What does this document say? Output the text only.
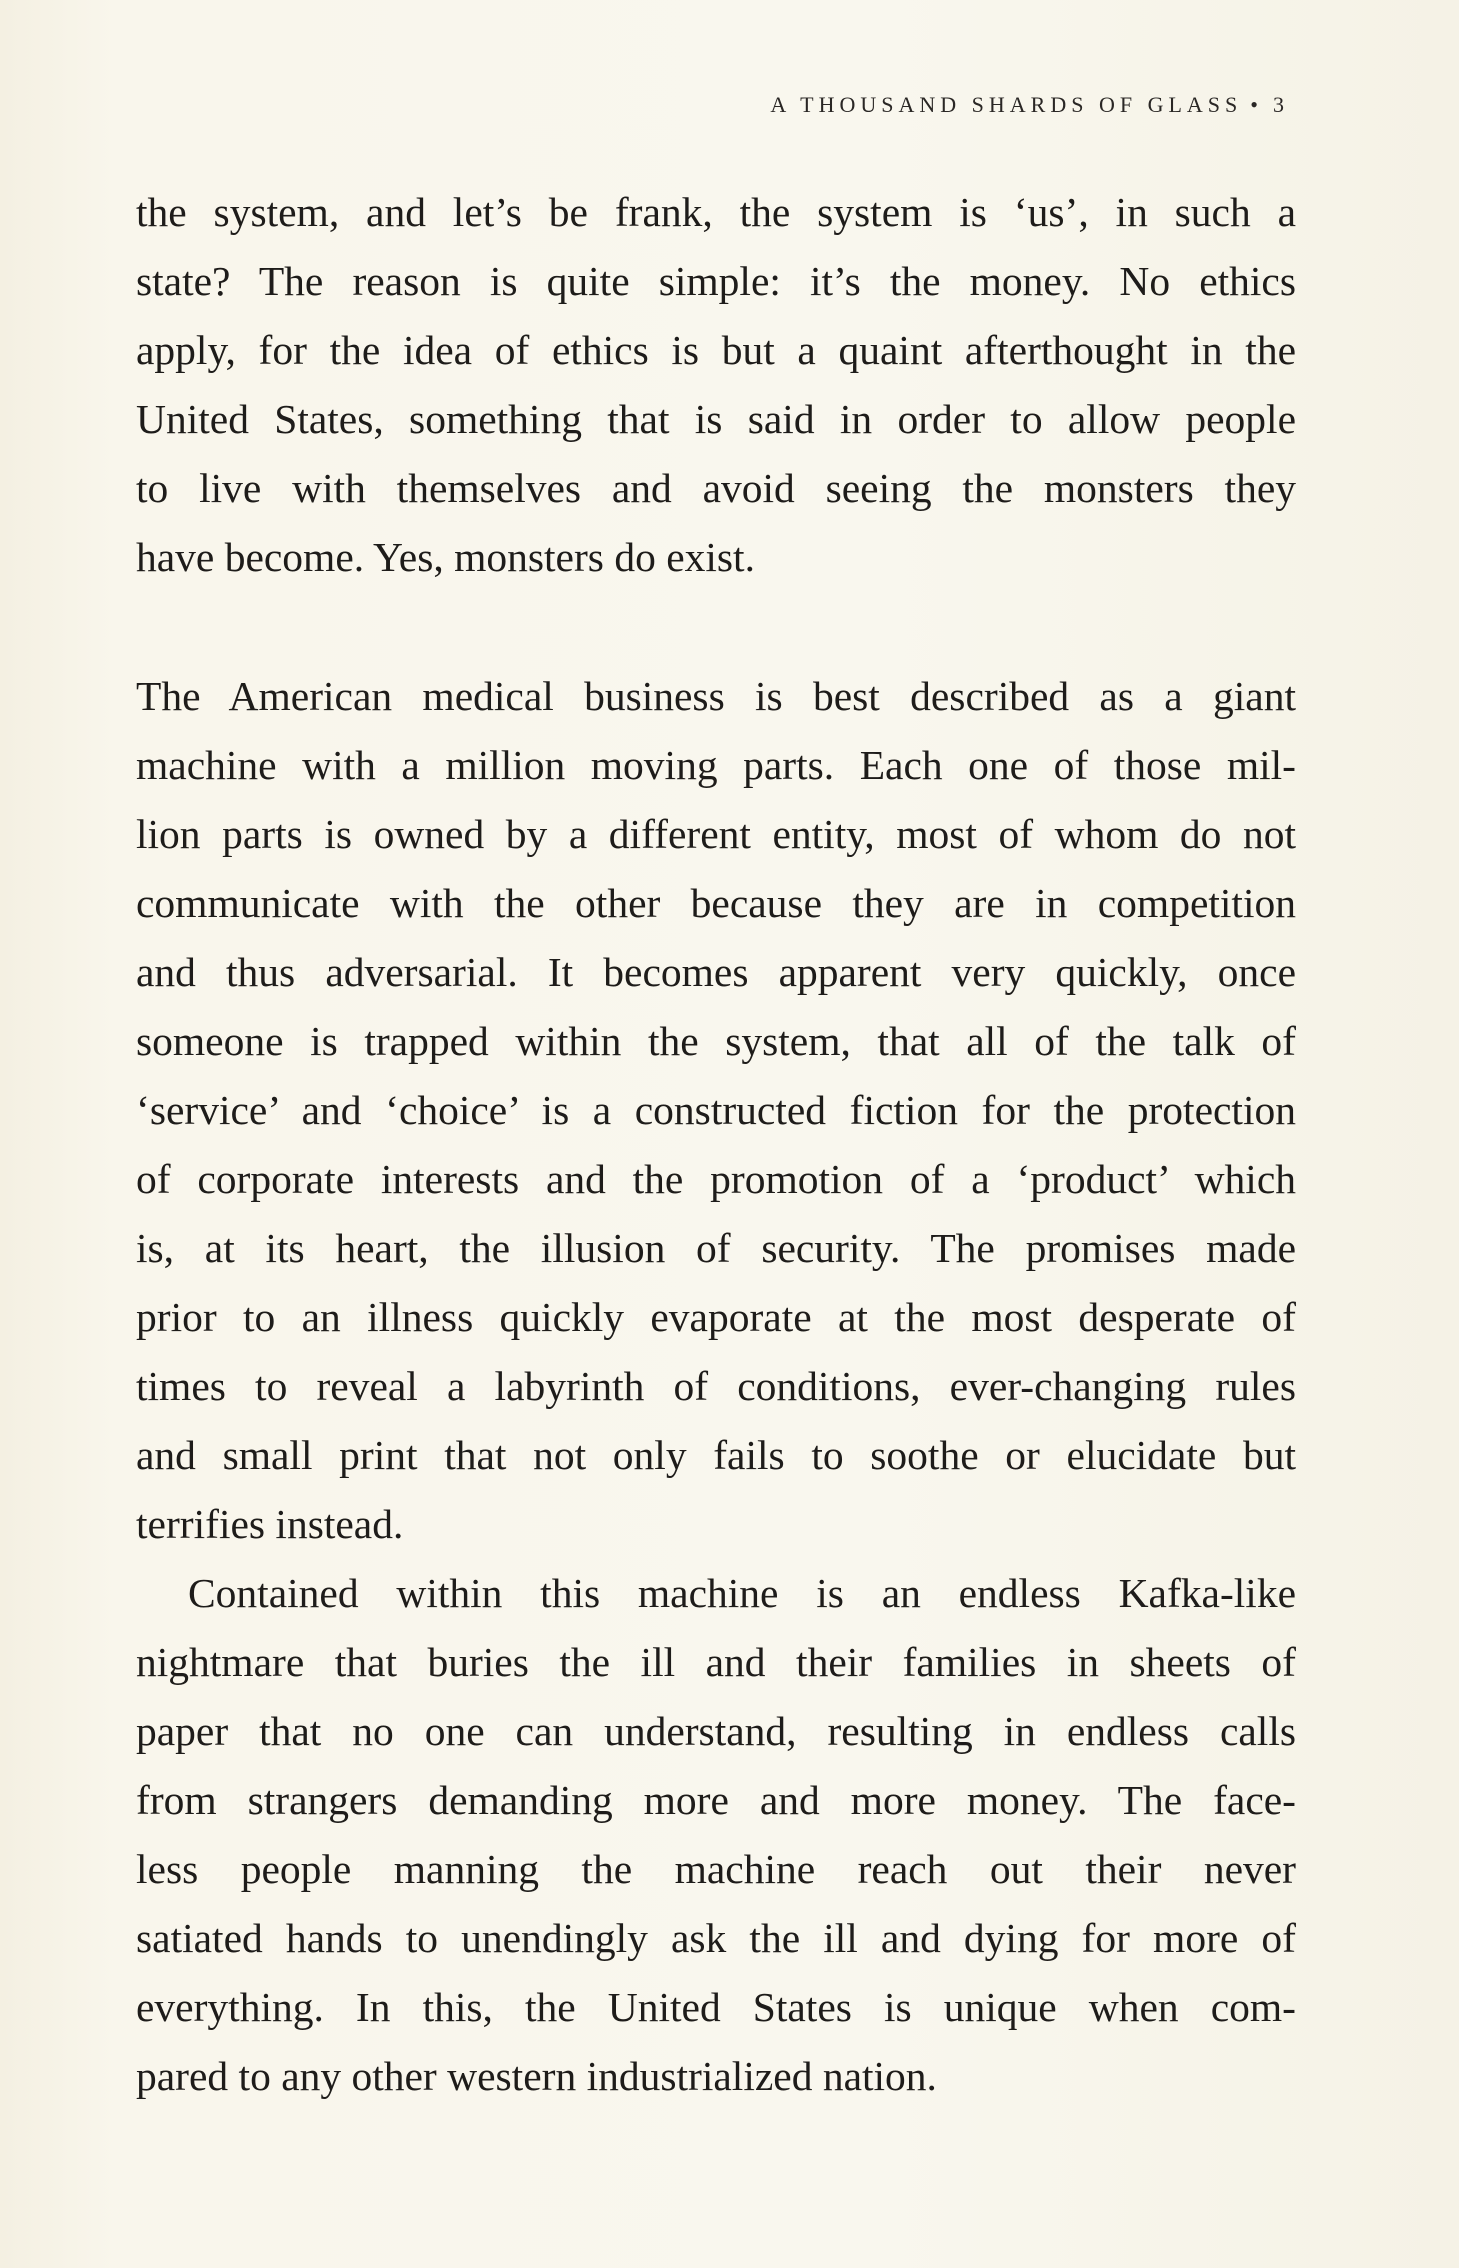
A THOUSAND SHARDS OF GLASS • 3

the system, and let’s be frank, the system is ‘us’, in such a
state? The reason is quite simple: it’s the money. No ethics
apply, for the idea of ethics is but a quaint afterthought in the
United States, something that is said in order to allow people
to live with themselves and avoid seeing the monsters they
have become. Yes, monsters do exist.

The American medical business is best described as a giant
machine with a million moving parts. Each one of those mil-
lion parts is owned by a different entity, most of whom do not
communicate with the other because they are in competition
and thus adversarial. It becomes apparent very quickly, once
someone is trapped within the system, that all of the talk of
‘service’ and ‘choice’ is a constructed fiction for the protection
of corporate interests and the promotion of a ‘product’ which
is, at its heart, the illusion of security. The promises made
prior to an illness quickly evaporate at the most desperate of
times to reveal a labyrinth of conditions, ever-changing rules
and small print that not only fails to soothe or elucidate but
terrifies instead.

Contained within this machine is an endless Kafka-like
nightmare that buries the ill and their families in sheets of
paper that no one can understand, resulting in endless calls
from strangers demanding more and more money. The face-
less people manning the machine reach out their never
satiated hands to unendingly ask the ill and dying for more of
everything. In this, the United States is unique when com-
pared to any other western industrialized nation.
